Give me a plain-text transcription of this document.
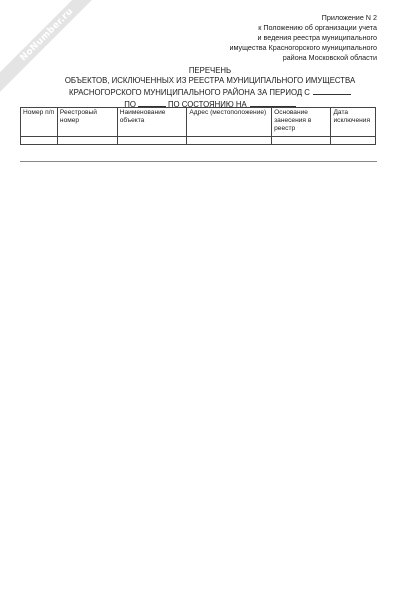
NoNumber.ru	Приложение N 2
к Положению об организации учета
и ведения реестра муниципального
имущества Красногорского муниципального
района Московской области
ПЕРЕЧЕНЬ
ОБЪЕКТОВ, ИСКЛЮЧЕННЫХ ИЗ РЕЕСТРА МУНИЦИПАЛЬНОГО ИМУЩЕСТВА
КРАСНОГОРСКОГО МУНИЦИПАЛЬНОГО РАЙОНА ЗА ПЕРИОД С
ПО	ПО СОСТОЯНИЮ НА
Номер п/п	Реестровый номер	Наименование объекта	Адрес (местоположение)	Основание занесения в реестр	Дата исключения
